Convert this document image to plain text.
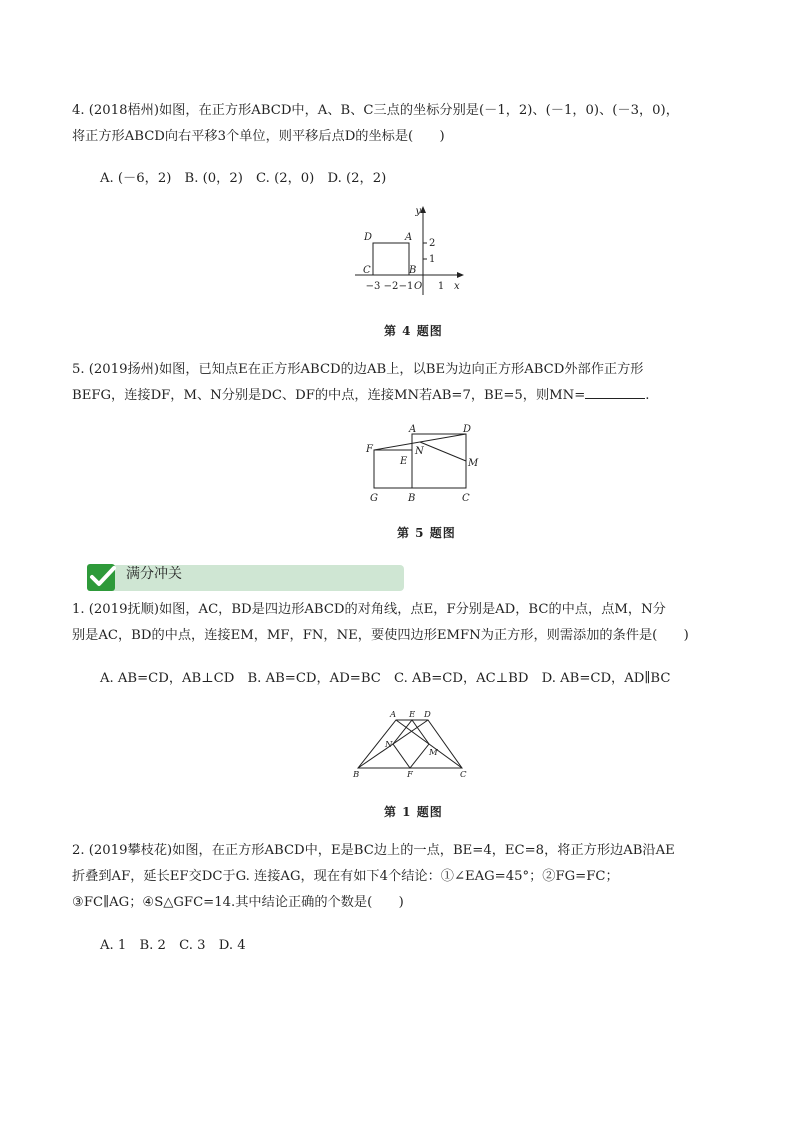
4. (2018梧州)如图，在正方形ABCD中，A、B、C三点的坐标分别是(－1，2)、(－1，0)、(－3，0)，

将正方形ABCD向右平移3个单位，则平移后点D的坐标是(　　)

A. (－6，2)　B. (0，2)　C. (2，0)　D. (2，2)
y
x
D	A
C	B
O
2
1
−3 −2 −1 1
第 4 题图

5. (2019扬州)如图，已知点E在正方形ABCD的边AB上，以BE为边向正方形ABCD外部作正方形

BEFG，连接DF，M、N分别是DC、DF的中点，连接MN若AB=7，BE=5，则MN=	.

A	D
F
E
N
M
G	B	C
第 5 题图
满分冲关

1. (2019抚顺)如图，AC，BD是四边形ABCD的对角线，点E，F分别是AD，BC的中点，点M，N分

别是AC，BD的中点，连接EM，MF，FN，NE，要使四边形EMFN为正方形，则需添加的条件是(　　)

A. AB=CD，AB⊥CD　B. AB=CD，AD=BC　C. AB=CD，AC⊥BD　D. AB=CD，AD∥BC
A E D
N
M
B	F	C
第 1 题图

2. (2019攀枝花)如图，在正方形ABCD中，E是BC边上的一点，BE=4，EC=8，将正方形边AB沿AE

折叠到AF，延长EF交DC于G. 连接AG，现在有如下4个结论：①∠EAG=45°；②FG=FC；

③FC∥AG；④S△GFC=14.其中结论正确的个数是(　　)

A. 1　B. 2　C. 3　D. 4
